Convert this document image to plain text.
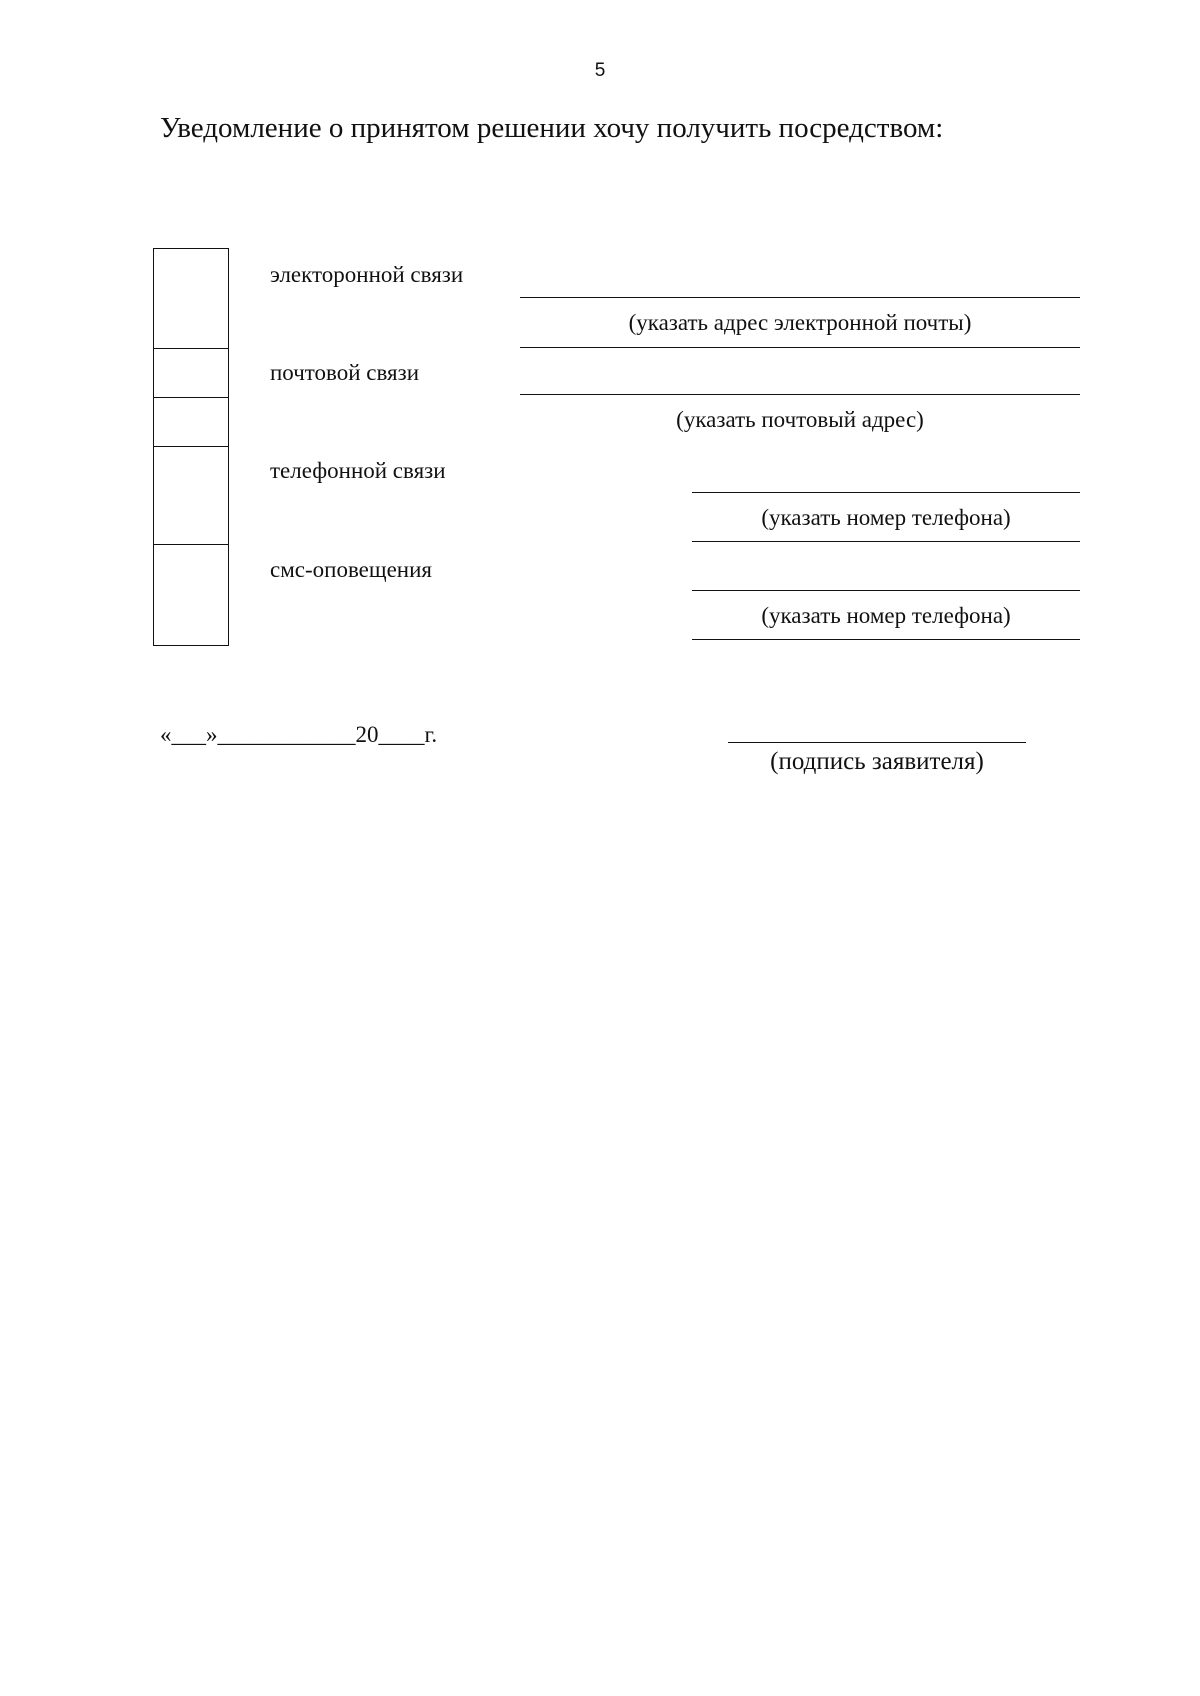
5
Уведомление о принятом решении хочу получить посредством:
электоронной связи
почтовой связи
телефонной связи
смс-оповещения
(указать адрес электронной почты)
(указать почтовый адрес)
(указать номер телефона)
(указать номер телефона)
«___»____________20____г.
(подпись заявителя)
